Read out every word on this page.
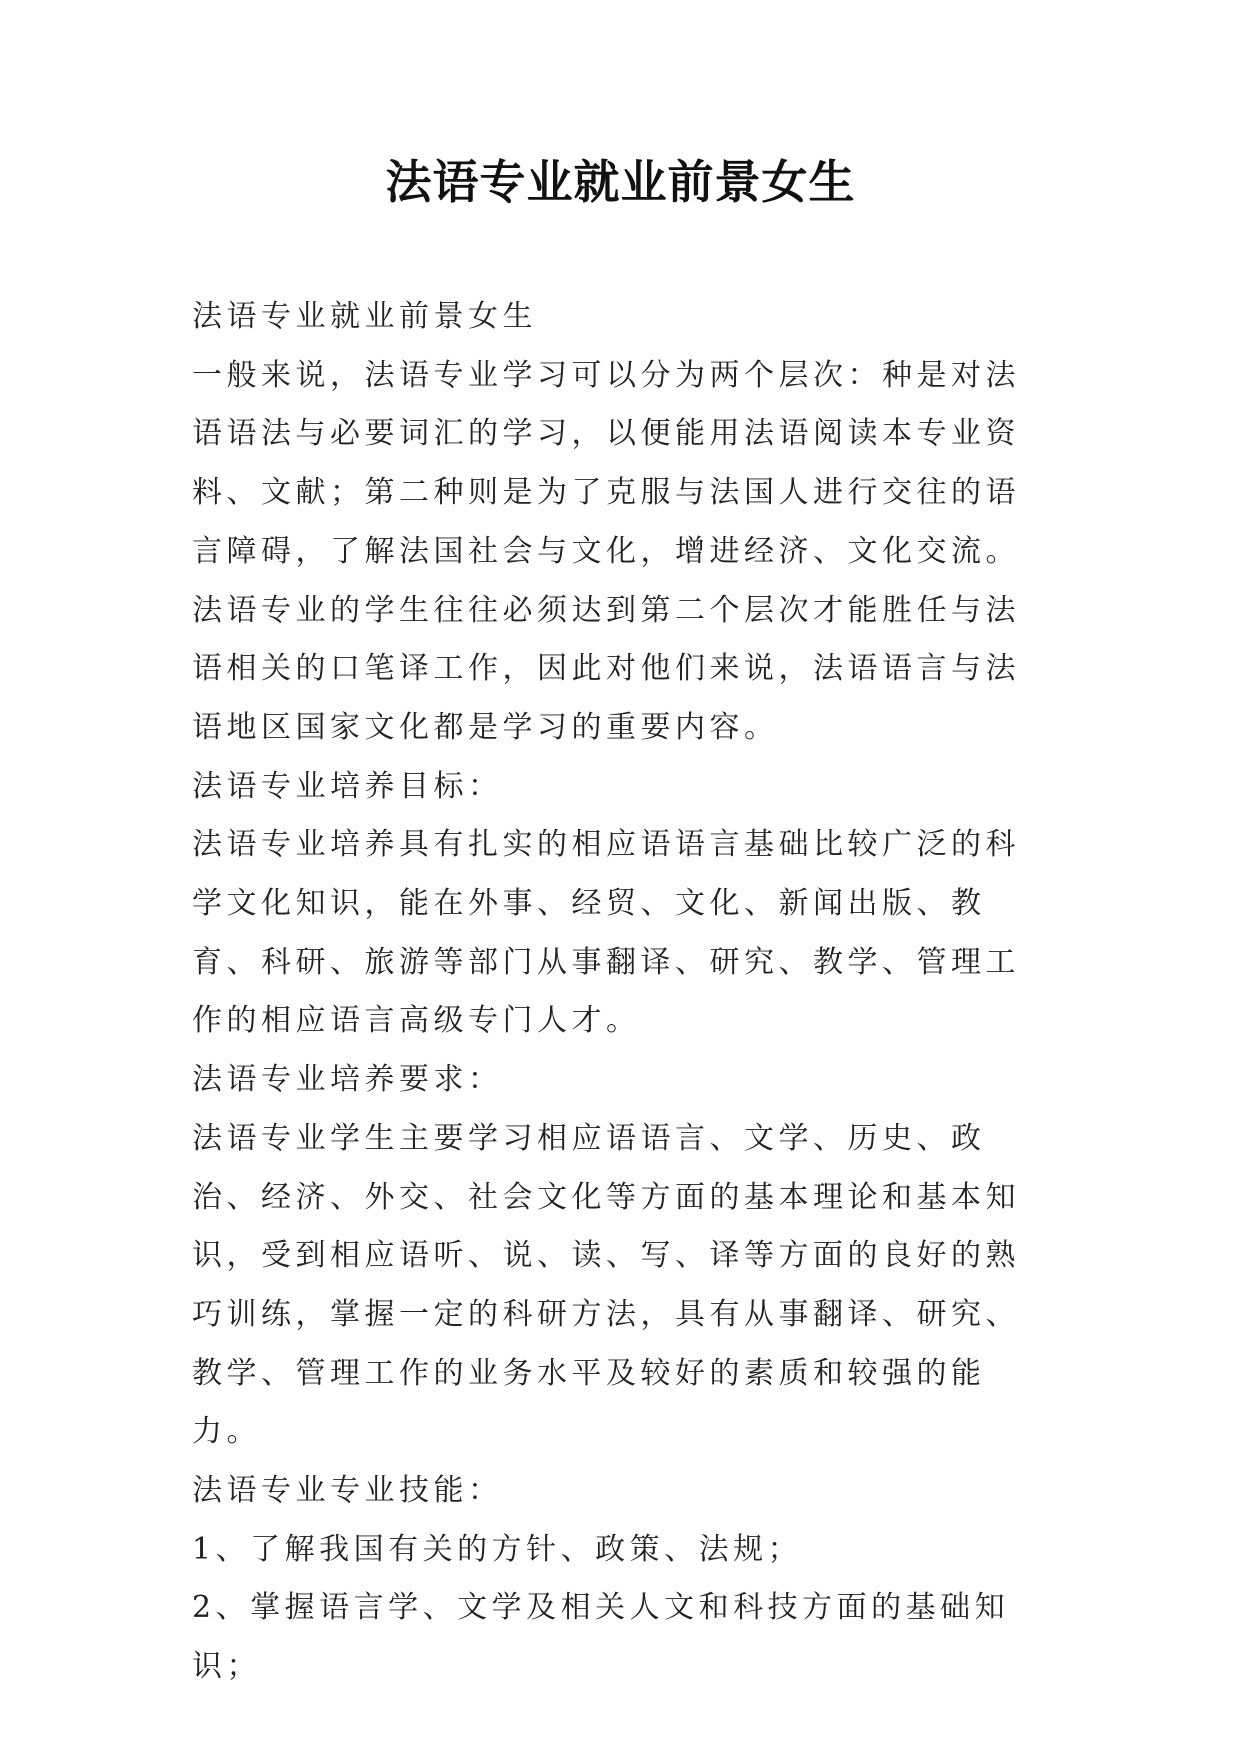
法语专业就业前景女生

法语专业就业前景女生

一般来说，法语专业学习可以分为两个层次：种是对法语语法与必要词汇的学习，以便能用法语阅读本专业资料、文献；第二种则是为了克服与法国人进行交往的语言障碍，了解法国社会与文化，增进经济、文化交流。法语专业的学生往往必须达到第二个层次才能胜任与法语相关的口笔译工作，因此对他们来说，法语语言与法语地区国家文化都是学习的重要内容。

法语专业培养目标：

法语专业培养具有扎实的相应语语言基础比较广泛的科学文化知识，能在外事、经贸、文化、新闻出版、教育、科研、旅游等部门从事翻译、研究、教学、管理工作的相应语言高级专门人才。

法语专业培养要求：

法语专业学生主要学习相应语语言、文学、历史、政治、经济、外交、社会文化等方面的基本理论和基本知识，受到相应语听、说、读、写、译等方面的良好的熟巧训练，掌握一定的科研方法，具有从事翻译、研究、教学、管理工作的业务水平及较好的素质和较强的能力。

法语专业专业技能：

1、了解我国有关的方针、政策、法规；

2、掌握语言学、文学及相关人文和科技方面的基础知识；
